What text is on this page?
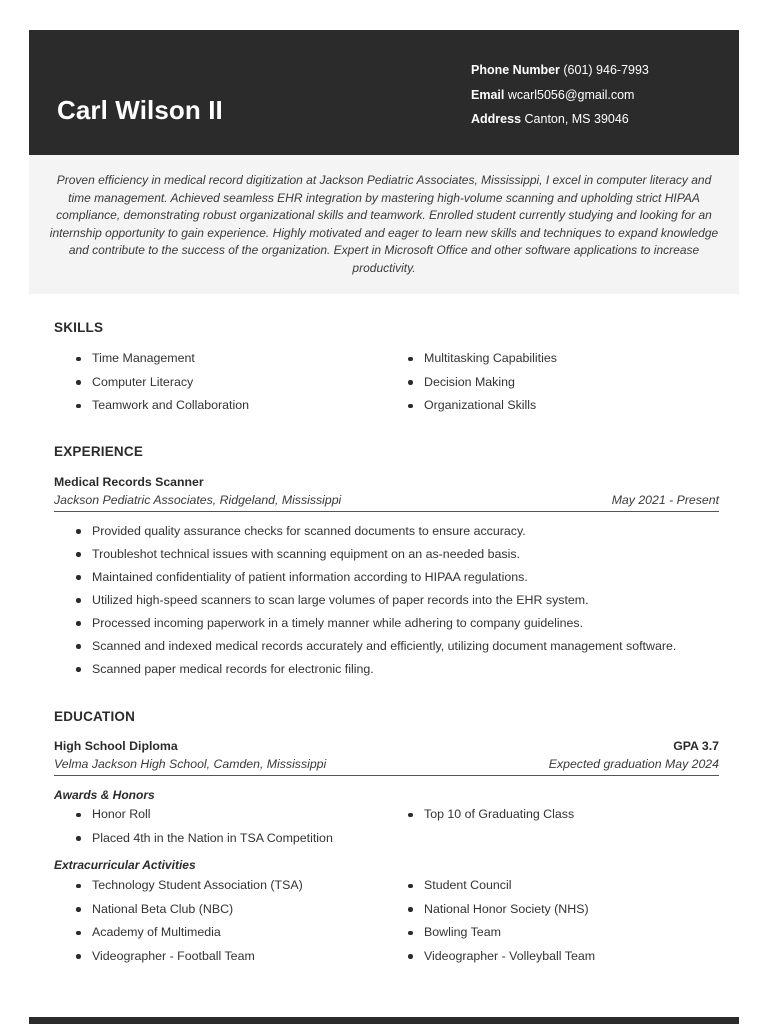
Carl Wilson II
Phone Number (601) 946-7993
Email wcarl5056@gmail.com
Address Canton, MS 39046
Proven efficiency in medical record digitization at Jackson Pediatric Associates, Mississippi, I excel in computer literacy and time management. Achieved seamless EHR integration by mastering high-volume scanning and upholding strict HIPAA compliance, demonstrating robust organizational skills and teamwork. Enrolled student currently studying and looking for an internship opportunity to gain experience. Highly motivated and eager to learn new skills and techniques to expand knowledge and contribute to the success of the organization. Expert in Microsoft Office and other software applications to increase productivity.
SKILLS
Time Management
Computer Literacy
Teamwork and Collaboration
Multitasking Capabilities
Decision Making
Organizational Skills
EXPERIENCE
Medical Records Scanner
Jackson Pediatric Associates, Ridgeland, Mississippi	May 2021 - Present
Provided quality assurance checks for scanned documents to ensure accuracy.
Troubleshot technical issues with scanning equipment on an as-needed basis.
Maintained confidentiality of patient information according to HIPAA regulations.
Utilized high-speed scanners to scan large volumes of paper records into the EHR system.
Processed incoming paperwork in a timely manner while adhering to company guidelines.
Scanned and indexed medical records accurately and efficiently, utilizing document management software.
Scanned paper medical records for electronic filing.
EDUCATION
High School Diploma	GPA 3.7
Velma Jackson High School, Camden, Mississippi	Expected graduation May 2024
Awards & Honors
Honor Roll
Placed 4th in the Nation in TSA Competition
Top 10 of Graduating Class
Extracurricular Activities
Technology Student Association (TSA)
National Beta Club (NBC)
Academy of Multimedia
Videographer - Football Team
Student Council
National Honor Society (NHS)
Bowling Team
Videographer - Volleyball Team
